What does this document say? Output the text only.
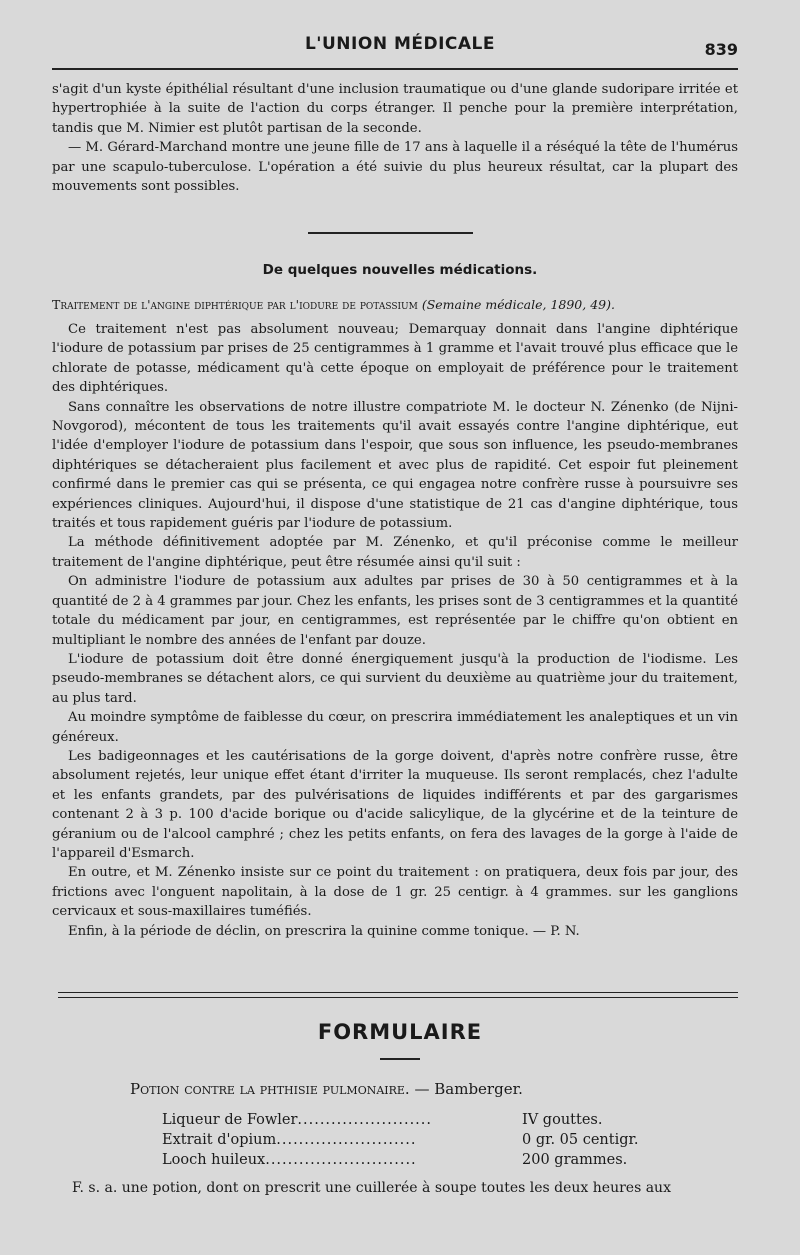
L'UNION MÉDICALE	839

s'agit d'un kyste épithélial résultant d'une inclusion traumatique ou d'une glande sudoripare irritée et hypertrophiée à la suite de l'action du corps étranger. Il penche pour la première interprétation, tandis que M. Nimier est plutôt partisan de la seconde.

— M. Gérard-Marchand montre une jeune fille de 17 ans à laquelle il a réséqué la tête de l'humérus par une scapulo-tuberculose. L'opération a été suivie du plus heureux résultat, car la plupart des mouvements sont possibles.

De quelques nouvelles médications.
Traitement de l'angine diphtérique par l'iodure de potassium (Semaine médicale, 1890, 49).

Ce traitement n'est pas absolument nouveau; Demarquay donnait dans l'angine diphtérique l'iodure de potassium par prises de 25 centigrammes à 1 gramme et l'avait trouvé plus efficace que le chlorate de potasse, médicament qu'à cette époque on employait de préférence pour le traitement des diphtériques.

Sans connaître les observations de notre illustre compatriote M. le docteur N. Zénenko (de Nijni-Novgorod), mécontent de tous les traitements qu'il avait essayés contre l'angine diphtérique, eut l'idée d'employer l'iodure de potassium dans l'espoir, que sous son influence, les pseudo-membranes diphtériques se détacheraient plus facilement et avec plus de rapidité. Cet espoir fut pleinement confirmé dans le premier cas qui se présenta, ce qui engagea notre confrère russe à poursuivre ses expériences cliniques. Aujourd'hui, il dispose d'une statistique de 21 cas d'angine diphtérique, tous traités et tous rapidement guéris par l'iodure de potassium.

La méthode définitivement adoptée par M. Zénenko, et qu'il préconise comme le meilleur traitement de l'angine diphtérique, peut être résumée ainsi qu'il suit :

On administre l'iodure de potassium aux adultes par prises de 30 à 50 centigrammes et à la quantité de 2 à 4 grammes par jour. Chez les enfants, les prises sont de 3 centigrammes et la quantité totale du médicament par jour, en centigrammes, est représentée par le chiffre qu'on obtient en multipliant le nombre des années de l'enfant par douze.

L'iodure de potassium doit être donné énergiquement jusqu'à la production de l'iodisme. Les pseudo-membranes se détachent alors, ce qui survient du deuxième au quatrième jour du traitement, au plus tard.

Au moindre symptôme de faiblesse du cœur, on prescrira immédiatement les analeptiques et un vin généreux.

Les badigeonnages et les cautérisations de la gorge doivent, d'après notre confrère russe, être absolument rejetés, leur unique effet étant d'irriter la muqueuse. Ils seront remplacés, chez l'adulte et les enfants grandets, par des pulvérisations de liquides indifférents et par des gargarismes contenant 2 à 3 p. 100 d'acide borique ou d'acide salicylique, de la glycérine et de la teinture de géranium ou de l'alcool camphré ; chez les petits enfants, on fera des lavages de la gorge à l'aide de l'appareil d'Esmarch.

En outre, et M. Zénenko insiste sur ce point du traitement : on pratiquera, deux fois par jour, des frictions avec l'onguent napolitain, à la dose de 1 gr. 25 centigr. à 4 grammes. sur les ganglions cervicaux et sous-maxillaires tuméfiés.

Enfin, à la période de déclin, on prescrira la quinine comme tonique. — P. N.

FORMULAIRE
Potion contre la phthisie pulmonaire. — Bamberger.
Liqueur de Fowler........................	IV gouttes.
Extrait d'opium.........................	0 gr. 05 centigr.
Looch huileux...........................	200 grammes.
F. s. a. une potion, dont on prescrit une cuillerée à soupe toutes les deux heures aux
